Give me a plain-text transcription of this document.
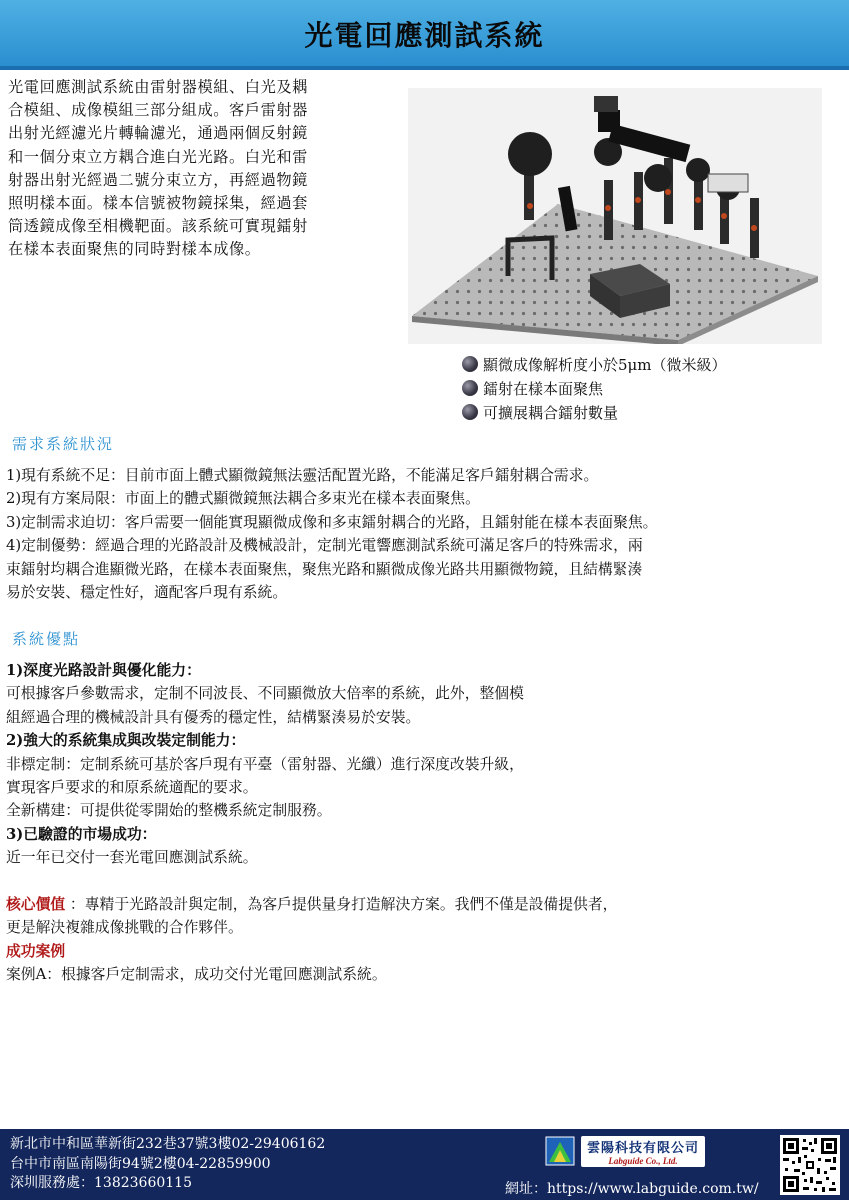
光電回應測試系統
光電回應測試系統由雷射器模組、白光及耦
合模組、成像模組三部分組成。客戶雷射器
出射光經濾光片轉輪濾光，通過兩個反射鏡
和一個分束立方耦合進白光光路。白光和雷
射器出射光經過二號分束立方，再經過物鏡
照明樣本面。樣本信號被物鏡採集，經過套
筒透鏡成像至相機靶面。該系統可實現鐳射
在樣本表面聚焦的同時對樣本成像。
顯微成像解析度小於5μm（微米級）
鐳射在樣本面聚焦
可擴展耦合鐳射數量
需求系統狀況
1)現有系統不足：目前市面上體式顯微鏡無法靈活配置光路，不能滿足客戶鐳射耦合需求。
2)現有方案局限：市面上的體式顯微鏡無法耦合多束光在樣本表面聚焦。
3)定制需求迫切：客戶需要一個能實現顯微成像和多束鐳射耦合的光路，且鐳射能在樣本表面聚焦。
4)定制優勢：經過合理的光路設計及機械設計，定制光電響應測試系統可滿足客戶的特殊需求，兩
束鐳射均耦合進顯微光路，在樣本表面聚焦，聚焦光路和顯微成像光路共用顯微物鏡，且結構緊湊
易於安裝、穩定性好，適配客戶現有系統。
系統優點
1)深度光路設計與優化能力：
可根據客戶參數需求，定制不同波長、不同顯微放大倍率的系統，此外，整個模
組經過合理的機械設計具有優秀的穩定性，結構緊湊易於安裝。
2)強大的系統集成與改裝定制能力：
非標定制：定制系統可基於客戶現有平臺（雷射器、光纖）進行深度改裝升級，
實現客戶要求的和原系統適配的要求。
全新構建：可提供從零開始的整機系統定制服務。
3)已驗證的市場成功：
近一年已交付一套光電回應測試系統。
核心價值 ：專精于光路設計與定制，為客戶提供量身打造解決方案。我們不僅是設備提供者，
更是解決複雜成像挑戰的合作夥伴。
成功案例
案例A：根據客戶定制需求，成功交付光電回應測試系統。
新北市中和區華新街232巷37號3樓02-29406162
台中市南區南陽街94號2樓04-22859900
深圳服務處：13823660115
雲陽科技有限公司
Labguide Co., Ltd.
網址：https://www.labguide.com.tw/
